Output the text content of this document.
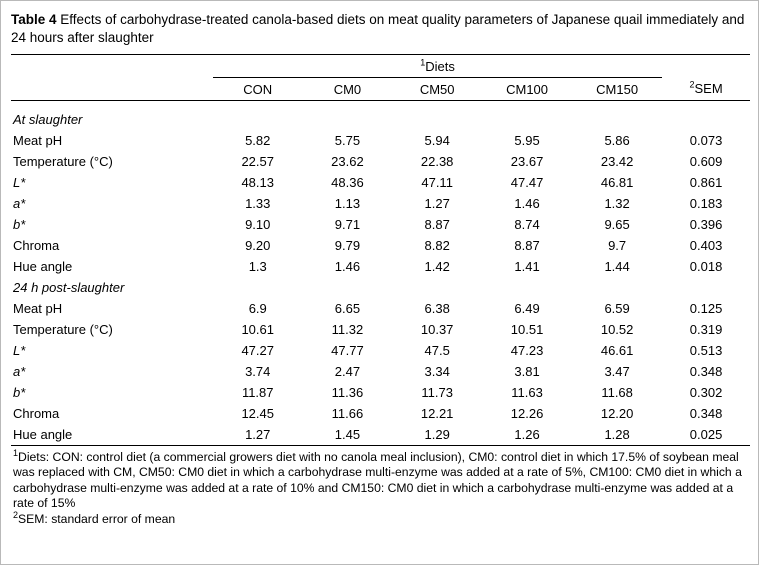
Table 4 Effects of carbohydrase-treated canola-based diets on meat quality parameters of Japanese quail immediately and 24 hours after slaughter
	$^1$Diets					
	CON	CM0	CM50	CM100	CM150	$^2$SEM

At slaughter						
Meat pH	5.82	5.75	5.94	5.95	5.86	0.073
Temperature (°C)	22.57	23.62	22.38	23.67	23.42	0.609
L*	48.13	48.36	47.11	47.47	46.81	0.861
a*	1.33	1.13	1.27	1.46	1.32	0.183
b*	9.10	9.71	8.87	8.74	9.65	0.396
Chroma	9.20	9.79	8.82	8.87	9.7	0.403
Hue angle	1.3	1.46	1.42	1.41	1.44	0.018
24 h post-slaughter						
Meat pH	6.9	6.65	6.38	6.49	6.59	0.125
Temperature (°C)	10.61	11.32	10.37	10.51	10.52	0.319
L*	47.27	47.77	47.5	47.23	46.61	0.513
a*	3.74	2.47	3.34	3.81	3.47	0.348
b*	11.87	11.36	11.73	11.63	11.68	0.302
Chroma	12.45	11.66	12.21	12.26	12.20	0.348
Hue angle	1.27	1.45	1.29	1.26	1.28	0.025

$^1$Diets: CON: control diet (a commercial growers diet with no canola meal inclusion), CM0: control diet in which 17.5% of soybean meal was replaced with CM, CM50: CM0 diet in which a carbohydrase multi-enzyme was added at a rate of 5%, CM100: CM0 diet in which a carbohydrase multi-enzyme was added at a rate of 10% and CM150: CM0 diet in which a carbohydrase multi-enzyme was added at a rate of 15%

$^2$SEM: standard error of mean
